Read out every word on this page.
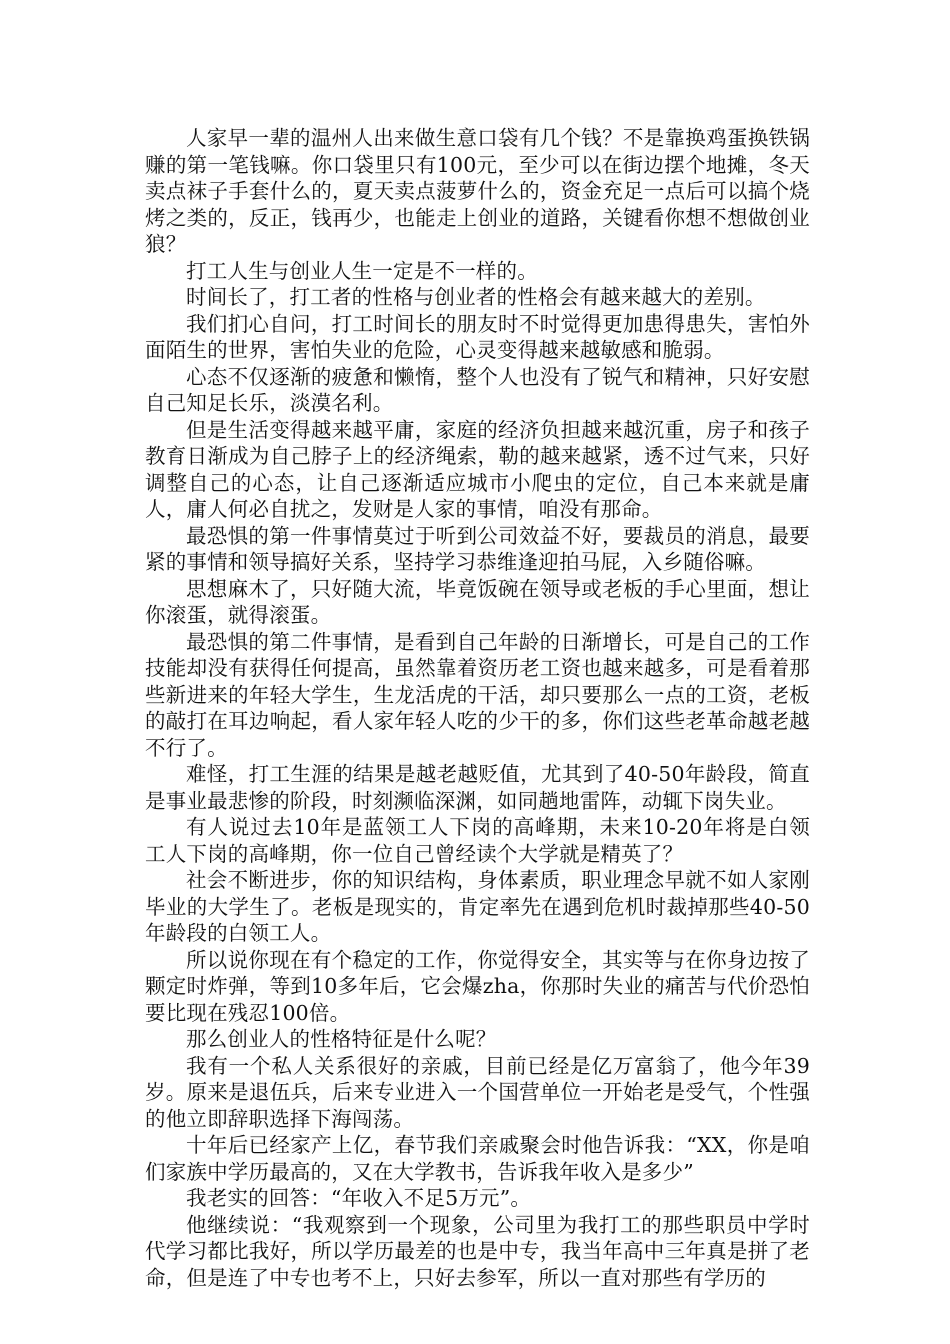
人家早一辈的温州人出来做生意口袋有几个钱？不是靠换鸡蛋换铁锅赚的第一笔钱嘛。你口袋里只有100元，至少可以在街边摆个地摊，冬天卖点袜子手套什么的，夏天卖点菠萝什么的，资金充足一点后可以搞个烧烤之类的，反正，钱再少，也能走上创业的道路，关键看你想不想做创业狼？

打工人生与创业人生一定是不一样的。

时间长了，打工者的性格与创业者的性格会有越来越大的差别。

我们扪心自问，打工时间长的朋友时不时觉得更加患得患失，害怕外面陌生的世界，害怕失业的危险，心灵变得越来越敏感和脆弱。

心态不仅逐渐的疲惫和懒惰，整个人也没有了锐气和精神，只好安慰自己知足长乐，淡漠名利。

但是生活变得越来越平庸，家庭的经济负担越来越沉重，房子和孩子教育日渐成为自己脖子上的经济绳索，勒的越来越紧，透不过气来，只好调整自己的心态，让自己逐渐适应城市小爬虫的定位，自己本来就是庸人，庸人何必自扰之，发财是人家的事情，咱没有那命。

最恐惧的第一件事情莫过于听到公司效益不好，要裁员的消息，最要紧的事情和领导搞好关系，坚持学习恭维逢迎拍马屁，入乡随俗嘛。

思想麻木了，只好随大流，毕竟饭碗在领导或老板的手心里面，想让你滚蛋，就得滚蛋。

最恐惧的第二件事情，是看到自己年龄的日渐增长，可是自己的工作技能却没有获得任何提高，虽然靠着资历老工资也越来越多，可是看着那些新进来的年轻大学生，生龙活虎的干活，却只要那么一点的工资，老板的敲打在耳边响起，看人家年轻人吃的少干的多，你们这些老革命越老越不行了。

难怪，打工生涯的结果是越老越贬值，尤其到了40-50年龄段，简直是事业最悲惨的阶段，时刻濒临深渊，如同趟地雷阵，动辄下岗失业。

有人说过去10年是蓝领工人下岗的高峰期，未来10-20年将是白领工人下岗的高峰期，你一位自己曾经读个大学就是精英了？

社会不断进步，你的知识结构，身体素质，职业理念早就不如人家刚毕业的大学生了。老板是现实的，肯定率先在遇到危机时裁掉那些40-50年龄段的白领工人。

所以说你现在有个稳定的工作，你觉得安全，其实等与在你身边按了颗定时炸弹，等到10多年后，它会爆zha，你那时失业的痛苦与代价恐怕要比现在残忍100倍。

那么创业人的性格特征是什么呢？

我有一个私人关系很好的亲戚，目前已经是亿万富翁了，他今年39岁。原来是退伍兵，后来专业进入一个国营单位一开始老是受气，个性强的他立即辞职选择下海闯荡。

十年后已经家产上亿，春节我们亲戚聚会时他告诉我：“XX，你是咱们家族中学历最高的，又在大学教书，告诉我年收入是多少”

我老实的回答：“年收入不足5万元”。

他继续说：“我观察到一个现象，公司里为我打工的那些职员中学时代学习都比我好，所以学历最差的也是中专，我当年高中三年真是拼了老命，但是连了中专也考不上，只好去参军，所以一直对那些有学历的
